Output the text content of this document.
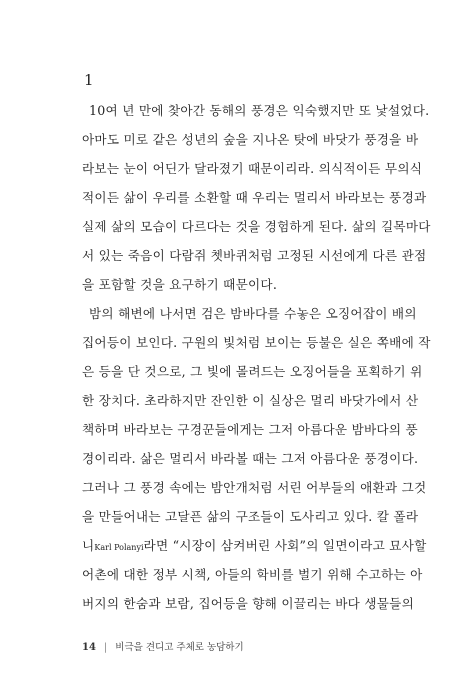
1
10여 년 만에 찾아간 동해의 풍경은 익숙했지만 또 낯설었다.
아마도 미로 같은 성년의 숲을 지나온 탓에 바닷가 풍경을 바
라보는 눈이 어딘가 달라졌기 때문이리라. 의식적이든 무의식
적이든 삶이 우리를 소환할 때 우리는 멀리서 바라보는 풍경과
실제 삶의 모습이 다르다는 것을 경험하게 된다. 삶의 길목마다
서 있는 죽음이 다람쥐 쳇바퀴처럼 고정된 시선에게 다른 관점
을 포함할 것을 요구하기 때문이다.
밤의 해변에 나서면 검은 밤바다를 수놓은 오징어잡이 배의
집어등이 보인다. 구원의 빛처럼 보이는 등불은 실은 쪽배에 작
은 등을 단 것으로, 그 빛에 몰려드는 오징어들을 포획하기 위
한 장치다. 초라하지만 잔인한 이 실상은 멀리 바닷가에서 산
책하며 바라보는 구경꾼들에게는 그저 아름다운 밤바다의 풍
경이리라. 삶은 멀리서 바라볼 때는 그저 아름다운 풍경이다.
그러나 그 풍경 속에는 밤안개처럼 서린 어부들의 애환과 그것
을 만들어내는 고달픈 삶의 구조들이 도사리고 있다. 칼 폴라
니Karl Polanyi라면 “시장이 삼켜버린 사회”의 일면이라고 묘사할
어촌에 대한 정부 시책, 아들의 학비를 벌기 위해 수고하는 아
버지의 한숨과 보람, 집어등을 향해 이끌리는 바다 생물들의
14 | 비극을 견디고 주체로 농담하기
